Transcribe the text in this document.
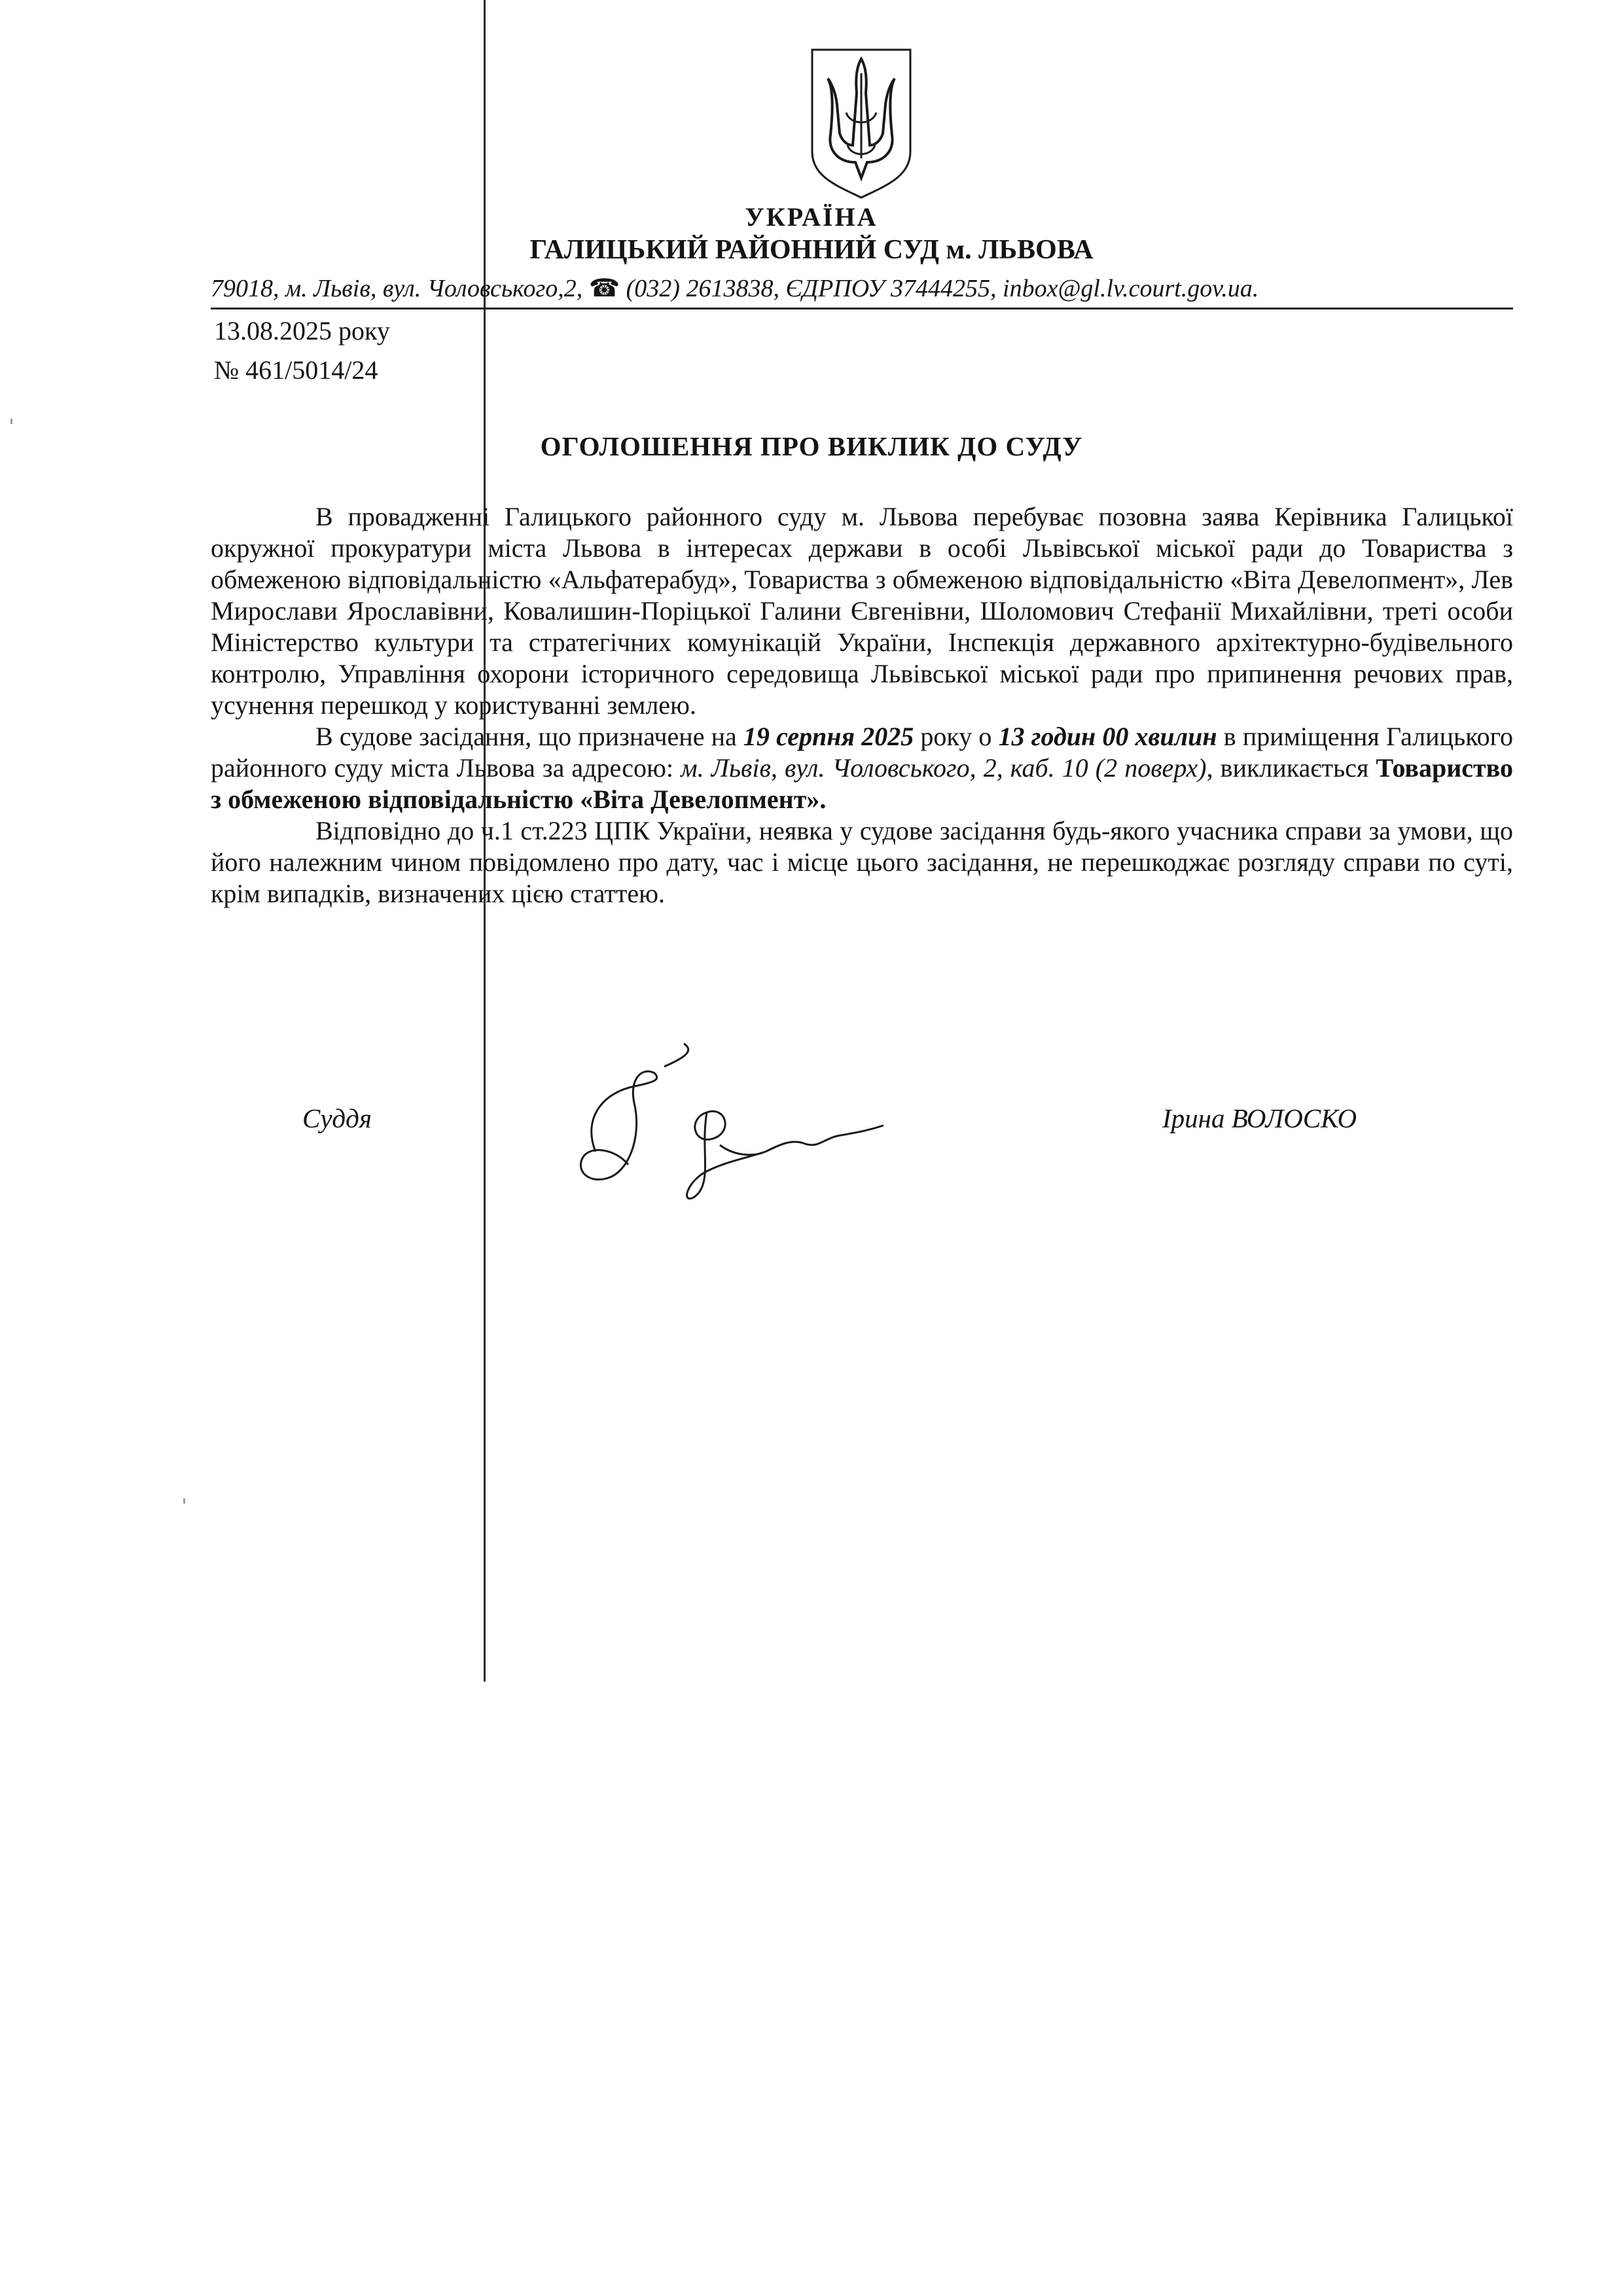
УКРАЇНА
ГАЛИЦЬКИЙ РАЙОННИЙ СУД м. ЛЬВОВА
79018, м. Львів, вул. Чоловського,2, ☎ (032) 2613838, ЄДРПОУ 37444255, inbox@gl.lv.court.gov.ua.
13.08.2025 року
№ 461/5014/24
ОГОЛОШЕННЯ ПРО ВИКЛИК ДО СУДУ

В провадженні Галицького районного суду м. Львова перебуває позовна заява Керівника Галицької окружної прокуратури міста Львова в інтересах держави в особі Львівської міської ради до Товариства з обмеженою відповідальністю «Альфатерабуд», Товариства з обмеженою відповідальністю «Віта Девелопмент», Лев Мирослави Ярославівни, Ковалишин-Порiцької Галини Євгенівни, Шоломович Стефанії Михайлівни, треті особи Міністерство культури та стратегічних комунікацій України, Інспекція державного архітектурно-будівельного контролю, Управління охорони історичного середовища Львівської міської ради про припинення речових прав, усунення перешкод у користуванні землею.

В судове засідання, що призначене на 19 серпня 2025 року о 13 годин 00 хвилин в приміщення Галицького районного суду міста Львова за адресою: м. Львів, вул. Чоловського, 2, каб. 10 (2 поверх), викликається Товариство з обмеженою відповідальністю «Віта Девелопмент».

Відповідно до ч.1 ст.223 ЦПК України, неявка у судове засідання будь-якого учасника справи за умови, що його належним чином повідомлено про дату, час і місце цього засідання, не перешкоджає розгляду справи по суті, крім випадків, визначених цією статтею.

Суддя	Ірина ВОЛОСКО
